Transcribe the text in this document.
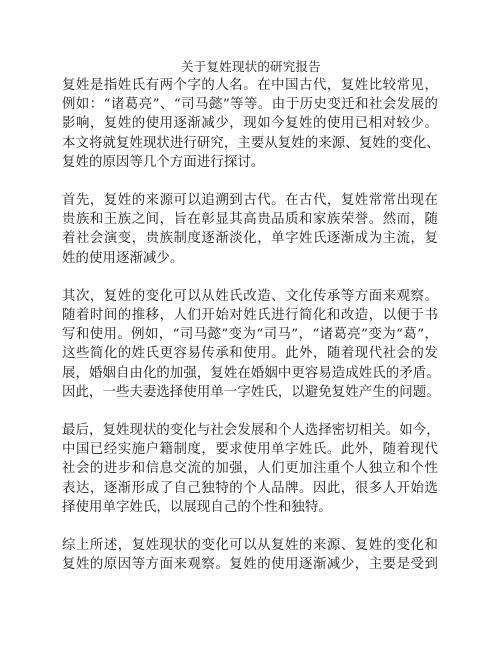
关于复姓现状的研究报告
复姓是指姓氏有两个字的人名。在中国古代，复姓比较常见，
例如：“诸葛亮”、“司马懿”等等。由于历史变迁和社会发展的
影响，复姓的使用逐渐减少，现如今复姓的使用已相对较少。
本文将就复姓现状进行研究，主要从复姓的来源、复姓的变化、
复姓的原因等几个方面进行探讨。
首先，复姓的来源可以追溯到古代。在古代，复姓常常出现在
贵族和王族之间，旨在彰显其高贵品质和家族荣誉。然而，随
着社会演变，贵族制度逐渐淡化，单字姓氏逐渐成为主流，复
姓的使用逐渐减少。
其次，复姓的变化可以从姓氏改造、文化传承等方面来观察。
随着时间的推移，人们开始对姓氏进行简化和改造，以便于书
写和使用。例如，“司马懿”变为“司马”，“诸葛亮”变为“葛”，
这些简化的姓氏更容易传承和使用。此外，随着现代社会的发
展，婚姻自由化的加强，复姓在婚姻中更容易造成姓氏的矛盾。
因此，一些夫妻选择使用单一字姓氏，以避免复姓产生的问题。
最后，复姓现状的变化与社会发展和个人选择密切相关。如今，
中国已经实施户籍制度，要求使用单字姓氏。此外，随着现代
社会的进步和信息交流的加强，人们更加注重个人独立和个性
表达，逐渐形成了自己独特的个人品牌。因此，很多人开始选
择使用单字姓氏，以展现自己的个性和独特。
综上所述，复姓现状的变化可以从复姓的来源、复姓的变化和
复姓的原因等方面来观察。复姓的使用逐渐减少，主要是受到
